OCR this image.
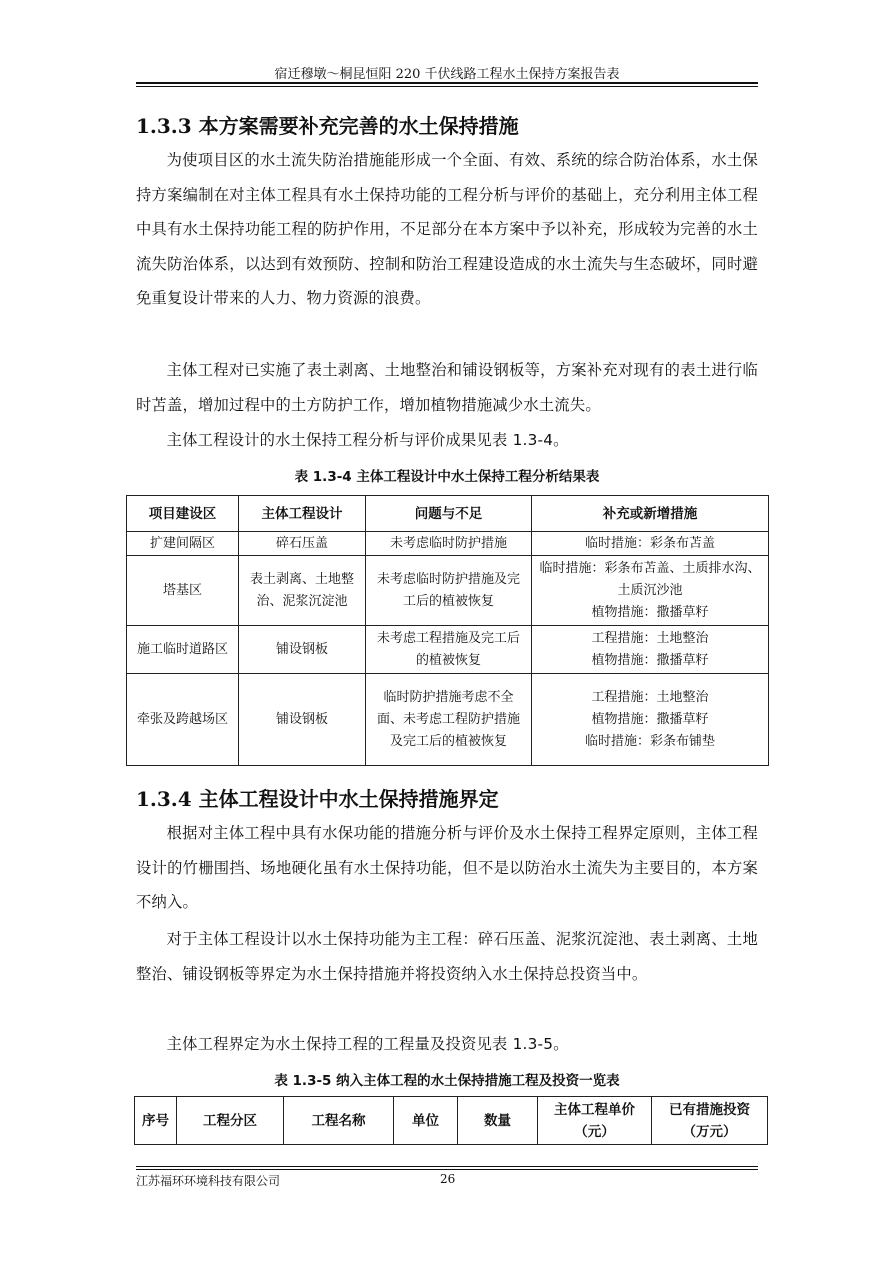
宿迁穆墩～桐昆恒阳 220 千伏线路工程水土保持方案报告表
1.3.3 本方案需要补充完善的水土保持措施

为使项目区的水土流失防治措施能形成一个全面、有效、系统的综合防治体系，水土保持方案编制在对主体工程具有水土保持功能的工程分析与评价的基础上，充分利用主体工程中具有水土保持功能工程的防护作用，不足部分在本方案中予以补充，形成较为完善的水土流失防治体系，以达到有效预防、控制和防治工程建设造成的水土流失与生态破坏，同时避免重复设计带来的人力、物力资源的浪费。

主体工程对已实施了表土剥离、土地整治和铺设钢板等，方案补充对现有的表土进行临时苫盖，增加过程中的土方防护工作，增加植物措施减少水土流失。

主体工程设计的水土保持工程分析与评价成果见表 1.3-4。

表 1.3-4 主体工程设计中水土保持工程分析结果表
项目建设区	主体工程设计	问题与不足	补充或新增措施
扩建间隔区	碎石压盖	未考虑临时防护措施	临时措施：彩条布苫盖
塔基区	表土剥离、土地整治、泥浆沉淀池	未考虑临时防护措施及完工后的植被恢复	临时措施：彩条布苫盖、土质排水沟、土质沉沙池
植物措施：撒播草籽
施工临时道路区	铺设钢板	未考虑工程措施及完工后的植被恢复	工程措施：土地整治
植物措施：撒播草籽
牵张及跨越场区	铺设钢板	临时防护措施考虑不全面、未考虑工程防护措施及完工后的植被恢复	工程措施：土地整治
植物措施：撒播草籽
临时措施：彩条布铺垫
1.3.4 主体工程设计中水土保持措施界定

根据对主体工程中具有水保功能的措施分析与评价及水土保持工程界定原则，主体工程设计的竹栅围挡、场地硬化虽有水土保持功能，但不是以防治水土流失为主要目的，本方案不纳入。

对于主体工程设计以水土保持功能为主工程：碎石压盖、泥浆沉淀池、表土剥离、土地整治、铺设钢板等界定为水土保持措施并将投资纳入水土保持总投资当中。

主体工程界定为水土保持工程的工程量及投资见表 1.3-5。

表 1.3-5 纳入主体工程的水土保持措施工程及投资一览表
序号	工程分区	工程名称	单位	数量	主体工程单价（元）	已有措施投资（万元）
江苏福环环境科技有限公司	26
